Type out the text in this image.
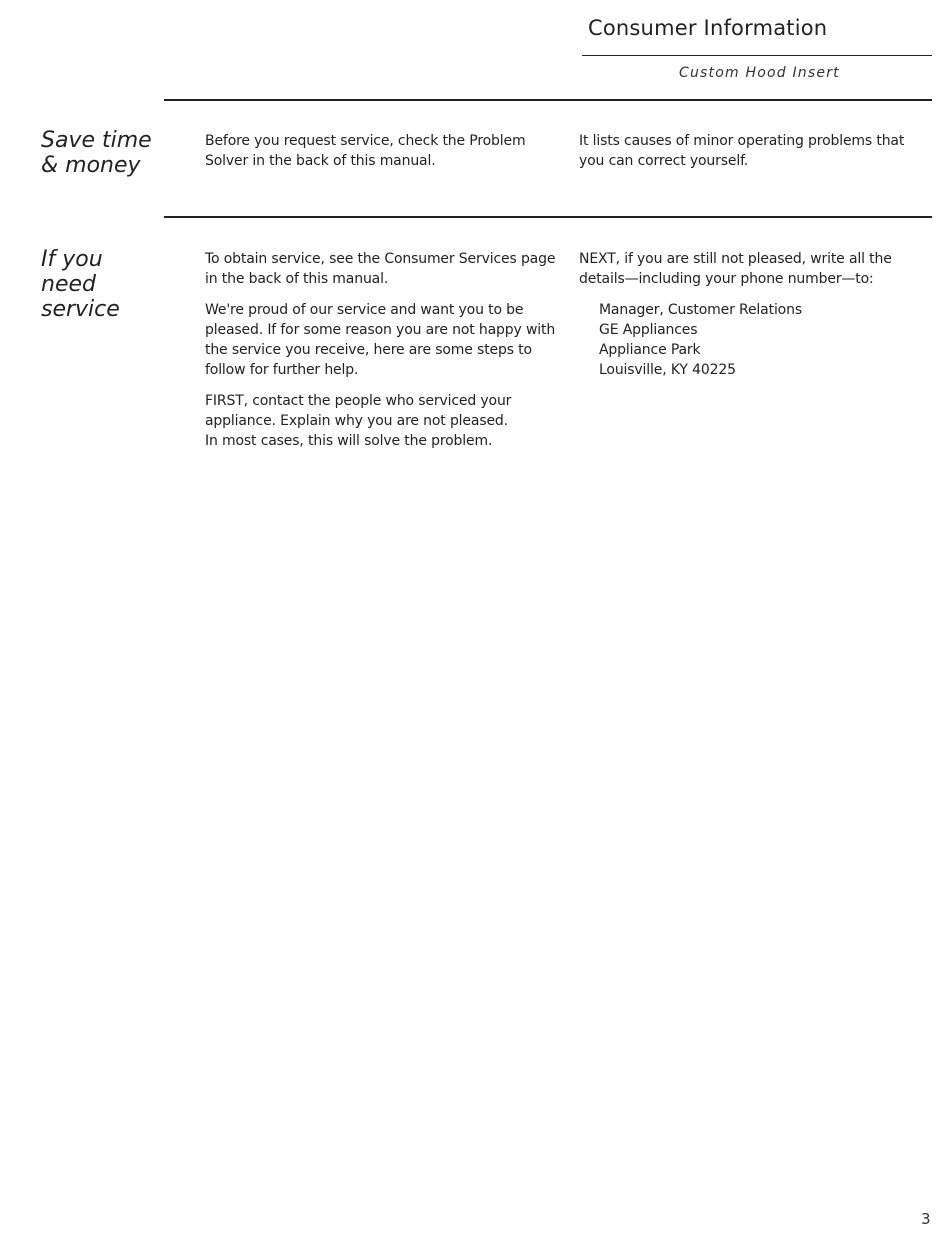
Consumer Information
Custom Hood Insert
Save time
& money

Before you request service, check the Problem
Solver in the back of this manual.

It lists causes of minor operating problems that
you can correct yourself.

If you
need
service

To obtain service, see the Consumer Services page
in the back of this manual.

We're proud of our service and want you to be
pleased. If for some reason you are not happy with
the service you receive, here are some steps to
follow for further help.

FIRST, contact the people who serviced your
appliance. Explain why you are not pleased.
In most cases, this will solve the problem.

NEXT, if you are still not pleased, write all the
details—including your phone number—to:

Manager, Customer Relations
GE Appliances
Appliance Park
Louisville, KY 40225
3
